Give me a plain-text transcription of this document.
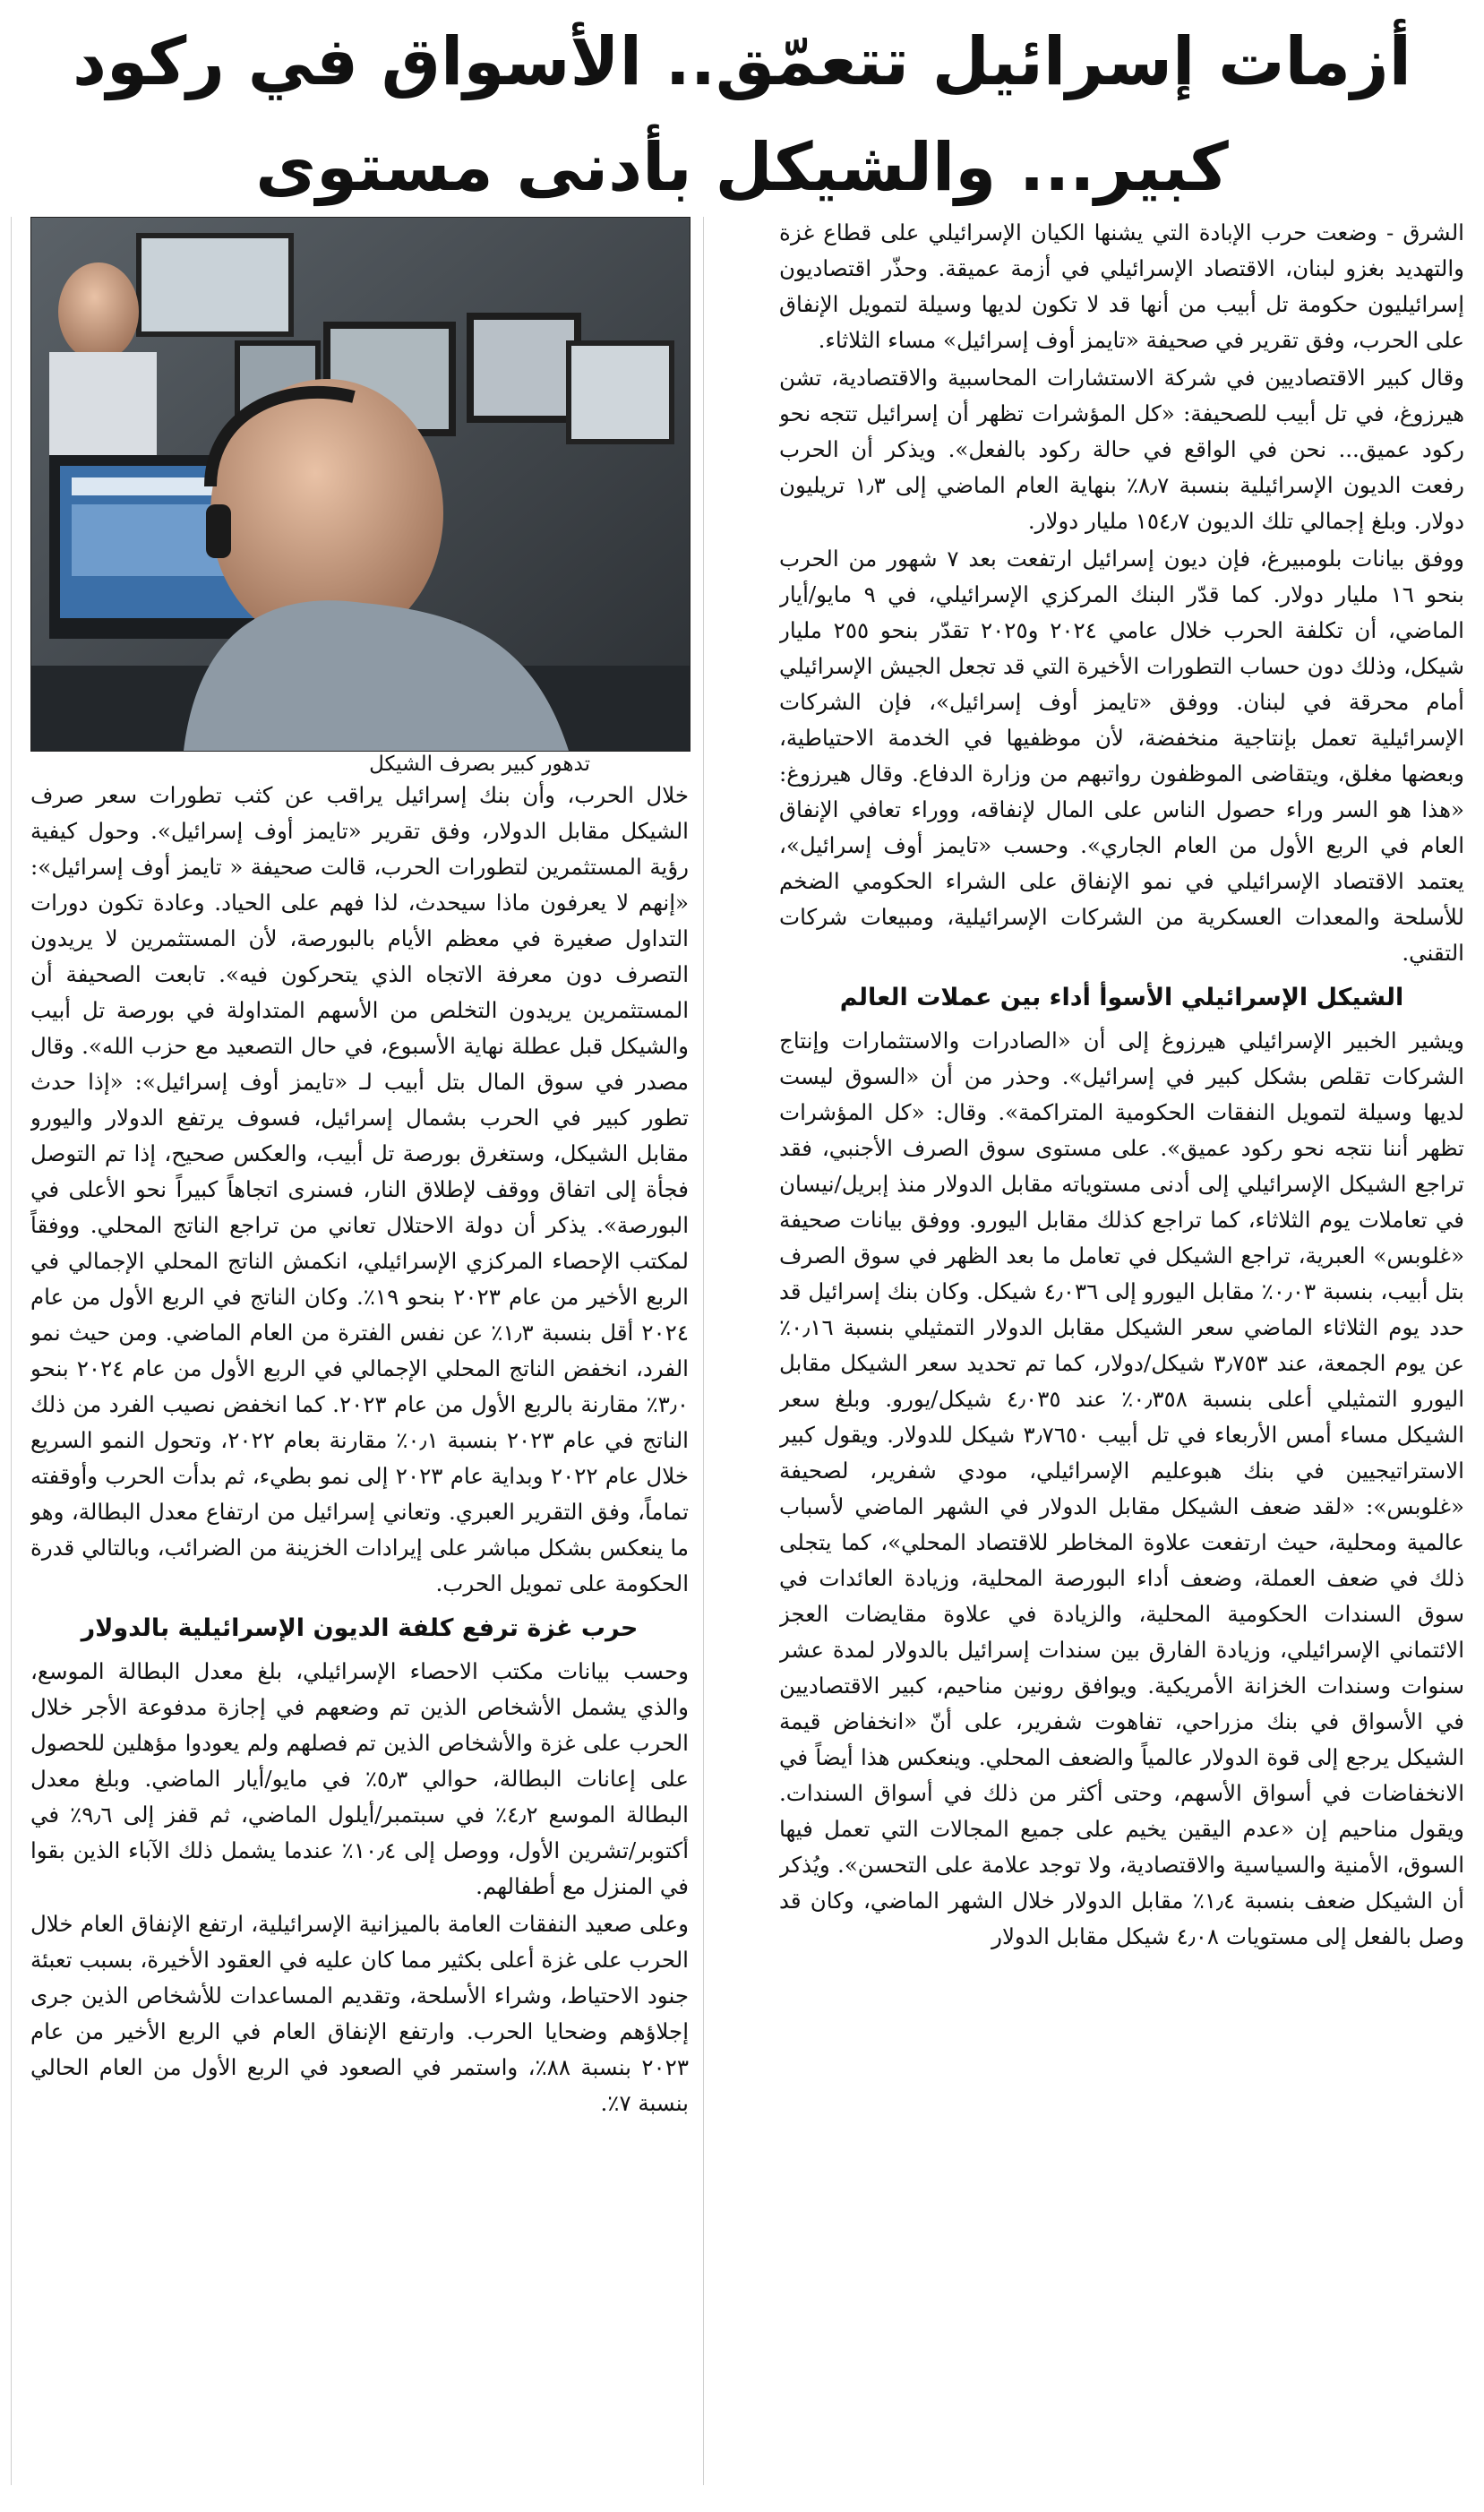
أزمات إسرائيل تتعمّق.. الأسواق في ركود
كبير... والشيكل بأدنى مستوى
تدهور كبير بصرف الشيكل

الشرق - وضعت حرب الإبادة التي يشنها الكيان الإسرائيلي على قطاع غزة والتهديد بغزو لبنان، الاقتصاد الإسرائيلي في أزمة عميقة. وحذّر اقتصاديون إسرائيليون حكومة تل أبيب من أنها قد لا تكون لديها وسيلة لتمويل الإنفاق على الحرب، وفق تقرير في صحيفة «تايمز أوف إسرائيل» مساء الثلاثاء.

وقال كبير الاقتصاديين في شركة الاستشارات المحاسبية والاقتصادية، تشن هيرزوغ، في تل أبيب للصحيفة: «كل المؤشرات تظهر أن إسرائيل تتجه نحو ركود عميق... نحن في الواقع في حالة ركود بالفعل». ويذكر أن الحرب رفعت الديون الإسرائيلية بنسبة ٨٫٧٪ بنهاية العام الماضي إلى ١٫٣ تريليون دولار. وبلغ إجمالي تلك الديون ١٥٤٫٧ مليار دولار.

ووفق بيانات بلومبيرغ، فإن ديون إسرائيل ارتفعت بعد ٧ شهور من الحرب بنحو ١٦ مليار دولار. كما قدّر البنك المركزي الإسرائيلي، في ٩ مايو/أيار الماضي، أن تكلفة الحرب خلال عامي ٢٠٢٤ و٢٠٢٥ تقدّر بنحو ٢٥٥ مليار شيكل، وذلك دون حساب التطورات الأخيرة التي قد تجعل الجيش الإسرائيلي أمام محرقة في لبنان. ووفق «تايمز أوف إسرائيل»، فإن الشركات الإسرائيلية تعمل بإنتاجية منخفضة، لأن موظفيها في الخدمة الاحتياطية، وبعضها مغلق، ويتقاضى الموظفون رواتبهم من وزارة الدفاع. وقال هيرزوغ: «هذا هو السر وراء حصول الناس على المال لإنفاقه، ووراء تعافي الإنفاق العام في الربع الأول من العام الجاري». وحسب «تايمز أوف إسرائيل»، يعتمد الاقتصاد الإسرائيلي في نمو الإنفاق على الشراء الحكومي الضخم للأسلحة والمعدات العسكرية من الشركات الإسرائيلية، ومبيعات شركات التقني.

الشيكل الإسرائيلي الأسوأ أداء بين عملات العالم

ويشير الخبير الإسرائيلي هيرزوغ إلى أن «الصادرات والاستثمارات وإنتاج الشركات تقلص بشكل كبير في إسرائيل». وحذر من أن «السوق ليست لديها وسيلة لتمويل النفقات الحكومية المتراكمة». وقال: «كل المؤشرات تظهر أننا نتجه نحو ركود عميق». على مستوى سوق الصرف الأجنبي، فقد تراجع الشيكل الإسرائيلي إلى أدنى مستوياته مقابل الدولار منذ إبريل/نيسان في تعاملات يوم الثلاثاء، كما تراجع كذلك مقابل اليورو. ووفق بيانات صحيفة «غلوبس» العبرية، تراجع الشيكل في تعامل ما بعد الظهر في سوق الصرف بتل أبيب، بنسبة ٠٫٠٣٪ مقابل اليورو إلى ٤٫٠٣٦ شيكل. وكان بنك إسرائيل قد حدد يوم الثلاثاء الماضي سعر الشيكل مقابل الدولار التمثيلي بنسبة ٠٫١٦٪ عن يوم الجمعة، عند ٣٫٧٥٣ شيكل/دولار، كما تم تحديد سعر الشيكل مقابل اليورو التمثيلي أعلى بنسبة ٠٫٣٥٨٪ عند ٤٫٠٣٥ شيكل/يورو. وبلغ سعر الشيكل مساء أمس الأربعاء في تل أبيب ٣٫٧٦٥٠ شيكل للدولار. ويقول كبير الاستراتيجيين في بنك هبوعليم الإسرائيلي، مودي شفرير، لصحيفة «غلوبس»: «لقد ضعف الشيكل مقابل الدولار في الشهر الماضي لأسباب عالمية ومحلية، حيث ارتفعت علاوة المخاطر للاقتصاد المحلي»، كما يتجلى ذلك في ضعف العملة، وضعف أداء البورصة المحلية، وزيادة العائدات في سوق السندات الحكومية المحلية، والزيادة في علاوة مقايضات العجز الائتماني الإسرائيلي، وزيادة الفارق بين سندات إسرائيل بالدولار لمدة عشر سنوات وسندات الخزانة الأمريكية. ويوافق رونين مناحيم، كبير الاقتصاديين في الأسواق في بنك مزراحي، تفاهوت شفرير، على أنّ «انخفاض قيمة الشيكل يرجع إلى قوة الدولار عالمياً والضعف المحلي. وينعكس هذا أيضاً في الانخفاضات في أسواق الأسهم، وحتى أكثر من ذلك في أسواق السندات. ويقول مناحيم إن «عدم اليقين يخيم على جميع المجالات التي تعمل فيها السوق، الأمنية والسياسية والاقتصادية، ولا توجد علامة على التحسن». ويُذكر أن الشيكل ضعف بنسبة ١٫٤٪ مقابل الدولار خلال الشهر الماضي، وكان قد وصل بالفعل إلى مستويات ٤٫٠٨ شيكل مقابل الدولار

خلال الحرب، وأن بنك إسرائيل يراقب عن كثب تطورات سعر صرف الشيكل مقابل الدولار، وفق تقرير «تايمز أوف إسرائيل». وحول كيفية رؤية المستثمرين لتطورات الحرب، قالت صحيفة « تايمز أوف إسرائيل»: «إنهم لا يعرفون ماذا سيحدث، لذا فهم على الحياد. وعادة تكون دورات التداول صغيرة في معظم الأيام بالبورصة، لأن المستثمرين لا يريدون التصرف دون معرفة الاتجاه الذي يتحركون فيه». تابعت الصحيفة أن المستثمرين يريدون التخلص من الأسهم المتداولة في بورصة تل أبيب والشيكل قبل عطلة نهاية الأسبوع، في حال التصعيد مع حزب الله». وقال مصدر في سوق المال بتل أبيب لـ «تايمز أوف إسرائيل»: «إذا حدث تطور كبير في الحرب بشمال إسرائيل، فسوف يرتفع الدولار واليورو مقابل الشيكل، وستغرق بورصة تل أبيب، والعكس صحيح، إذا تم التوصل فجأة إلى اتفاق ووقف لإطلاق النار، فسنرى اتجاهاً كبيراً نحو الأعلى في البورصة». يذكر أن دولة الاحتلال تعاني من تراجع الناتج المحلي. ووفقاً لمكتب الإحصاء المركزي الإسرائيلي، انكمش الناتج المحلي الإجمالي في الربع الأخير من عام ٢٠٢٣ بنحو ١٩٪. وكان الناتج في الربع الأول من عام ٢٠٢٤ أقل بنسبة ١٫٣٪ عن نفس الفترة من العام الماضي. ومن حيث نمو الفرد، انخفض الناتج المحلي الإجمالي في الربع الأول من عام ٢٠٢٤ بنحو ٣٫٠٪ مقارنة بالربع الأول من عام ٢٠٢٣. كما انخفض نصيب الفرد من ذلك الناتج في عام ٢٠٢٣ بنسبة ٠٫١٪ مقارنة بعام ٢٠٢٢، وتحول النمو السريع خلال عام ٢٠٢٢ وبداية عام ٢٠٢٣ إلى نمو بطيء، ثم بدأت الحرب وأوقفته تماماً، وفق التقرير العبري. وتعاني إسرائيل من ارتفاع معدل البطالة، وهو ما ينعكس بشكل مباشر على إيرادات الخزينة من الضرائب، وبالتالي قدرة الحكومة على تمويل الحرب.

حرب غزة ترفع كلفة الديون الإسرائيلية بالدولار

وحسب بيانات مكتب الاحصاء الإسرائيلي، بلغ معدل البطالة الموسع، والذي يشمل الأشخاص الذين تم وضعهم في إجازة مدفوعة الأجر خلال الحرب على غزة والأشخاص الذين تم فصلهم ولم يعودوا مؤهلين للحصول على إعانات البطالة، حوالي ٥٫٣٪ في مايو/أيار الماضي. وبلغ معدل البطالة الموسع ٤٫٢٪ في سبتمبر/أيلول الماضي، ثم قفز إلى ٩٫٦٪ في أكتوبر/تشرين الأول، ووصل إلى ١٠٫٤٪ عندما يشمل ذلك الآباء الذين بقوا في المنزل مع أطفالهم.

وعلى صعيد النفقات العامة بالميزانية الإسرائيلية، ارتفع الإنفاق العام خلال الحرب على غزة أعلى بكثير مما كان عليه في العقود الأخيرة، بسبب تعبئة جنود الاحتياط، وشراء الأسلحة، وتقديم المساعدات للأشخاص الذين جرى إجلاؤهم وضحايا الحرب. وارتفع الإنفاق العام في الربع الأخير من عام ٢٠٢٣ بنسبة ٨٨٪، واستمر في الصعود في الربع الأول من العام الحالي بنسبة ٧٪.
